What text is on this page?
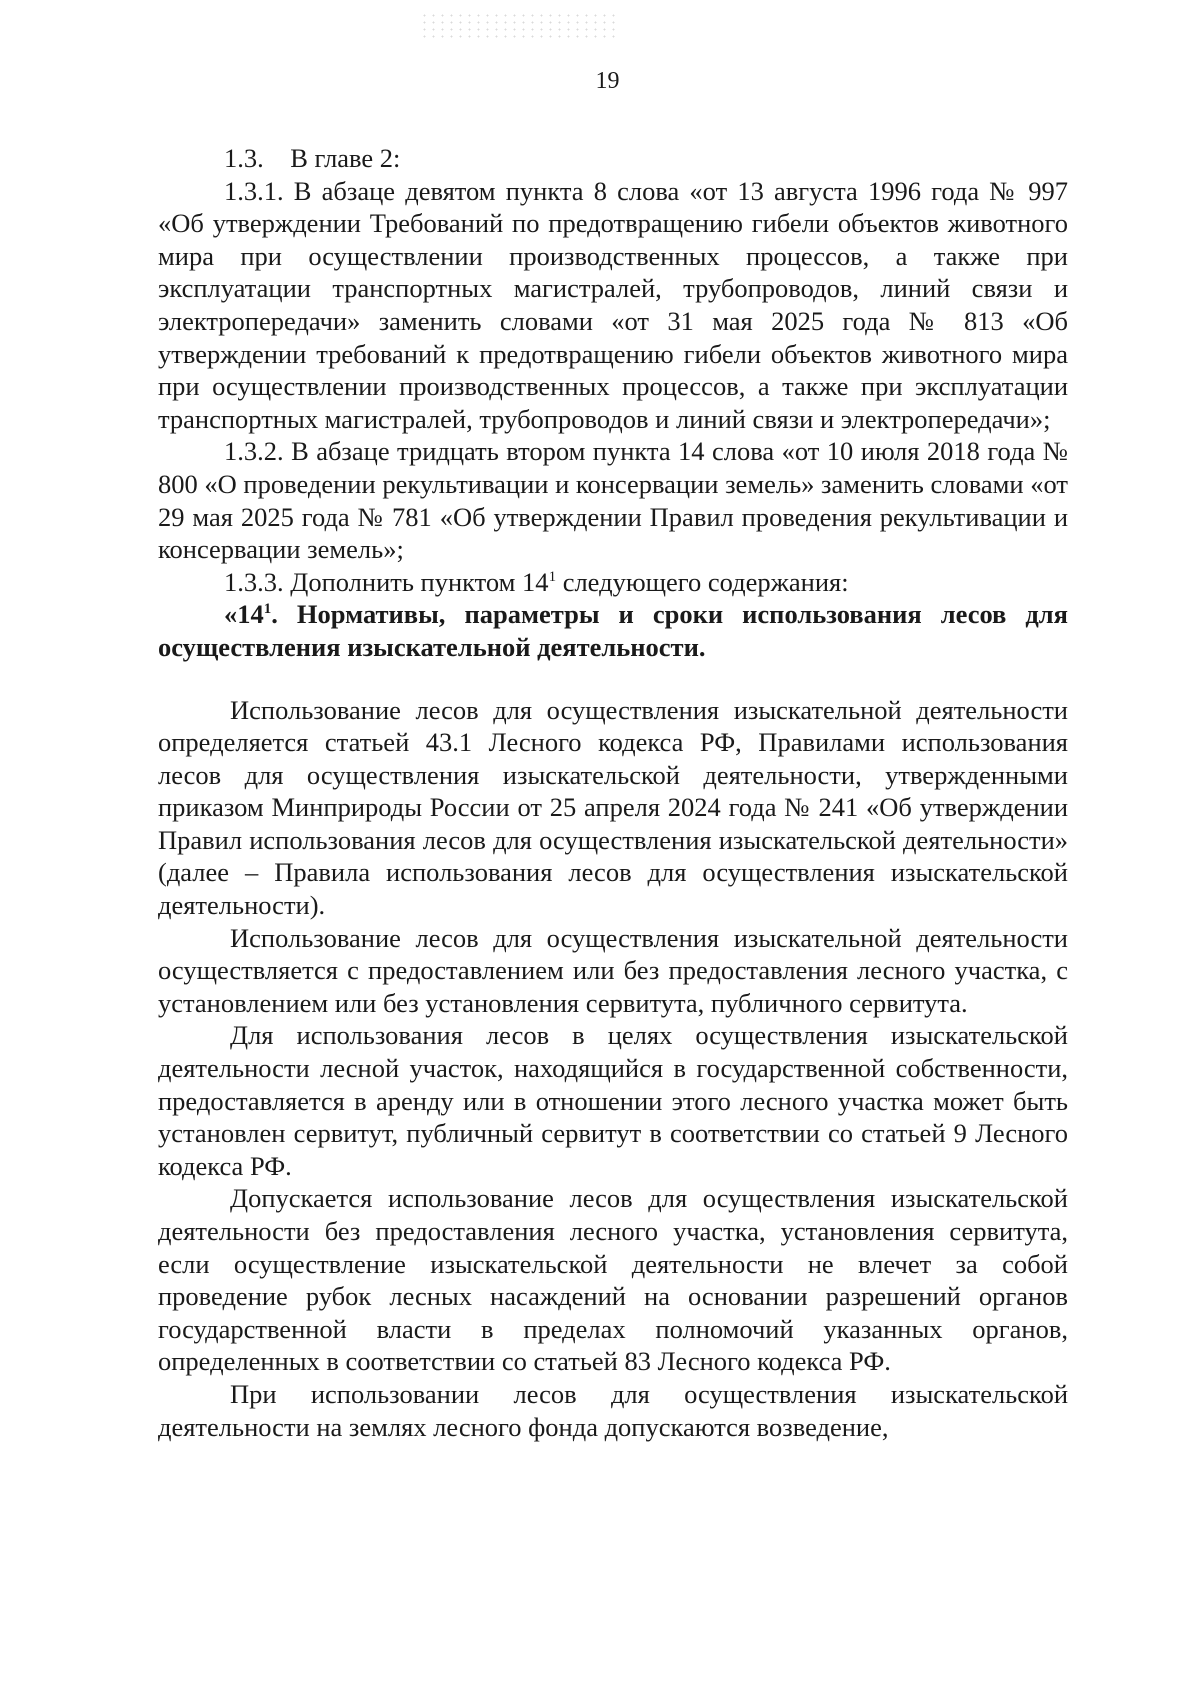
19

1.3. В главе 2:

1.3.1. В абзаце девятом пункта 8 слова «от 13 августа 1996 года № 997 «Об утверждении Требований по предотвращению гибели объектов животного мира при осуществлении производственных процессов, а также при эксплуатации транспортных магистралей, трубопроводов, линий связи и электропередачи» заменить словами «от 31 мая 2025 года № 813 «Об утверждении требований к предотвращению гибели объектов животного мира при осуществлении производственных процессов, а также при эксплуатации транспортных магистралей, трубопроводов и линий связи и электропередачи»;

1.3.2. В абзаце тридцать втором пункта 14 слова «от 10 июля 2018 года № 800 «О проведении рекультивации и консервации земель» заменить словами «от 29 мая 2025 года № 781 «Об утверждении Правил проведения рекультивации и консервации земель»;

1.3.3. Дополнить пунктом $14^1$ следующего содержания:

«$14^1$. Нормативы, параметры и сроки использования лесов для осуществления изыскательной деятельности.

Использование лесов для осуществления изыскательной деятельности определяется статьей 43.1 Лесного кодекса РФ, Правилами использования лесов для осуществления изыскательской деятельности, утвержденными приказом Минприроды России от 25 апреля 2024 года № 241 «Об утверждении Правил использования лесов для осуществления изыскательской деятельности» (далее – Правила использования лесов для осуществления изыскательской деятельности).

Использование лесов для осуществления изыскательной деятельности осуществляется с предоставлением или без предоставления лесного участка, с установлением или без установления сервитута, публичного сервитута.

Для использования лесов в целях осуществления изыскательской деятельности лесной участок, находящийся в государственной собственности, предоставляется в аренду или в отношении этого лесного участка может быть установлен сервитут, публичный сервитут в соответствии со статьей 9 Лесного кодекса РФ.

Допускается использование лесов для осуществления изыскательской деятельности без предоставления лесного участка, установления сервитута, если осуществление изыскательской деятельности не влечет за собой проведение рубок лесных насаждений на основании разрешений органов государственной власти в пределах полномочий указанных органов, определенных в соответствии со статьей 83 Лесного кодекса РФ.

При использовании лесов для осуществления изыскательской деятельности на землях лесного фонда допускаются возведение,
